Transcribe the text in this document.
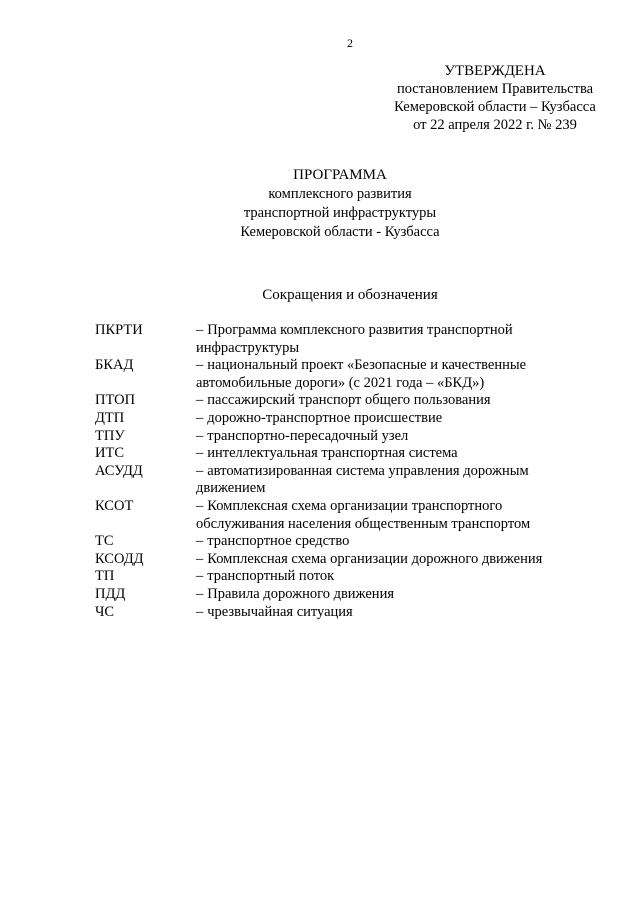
2
УТВЕРЖДЕНА
постановлением Правительства
Кемеровской области – Кузбасса
от 22 апреля 2022 г. № 239
ПРОГРАММА
комплексного развития
транспортной инфраструктуры
Кемеровской области - Кузбасса
Сокращения и обозначения
ПКРТИ	– Программа комплексного развития транспортной
инфраструктуры
БКАД	– национальный проект «Безопасные и качественные
автомобильные дороги» (с 2021 года – «БКД»)
ПТОП	– пассажирский транспорт общего пользования
ДТП	– дорожно-транспортное происшествие
ТПУ	– транспортно-пересадочный узел
ИТС	– интеллектуальная транспортная система
АСУДД	– автоматизированная система управления дорожным
движением
КСОТ	– Комплексная схема организации транспортного
обслуживания населения общественным транспортом
ТС	– транспортное средство
КСОДД	– Комплексная схема организации дорожного движения
ТП	– транспортный поток
ПДД	– Правила дорожного движения
ЧС	– чрезвычайная ситуация
